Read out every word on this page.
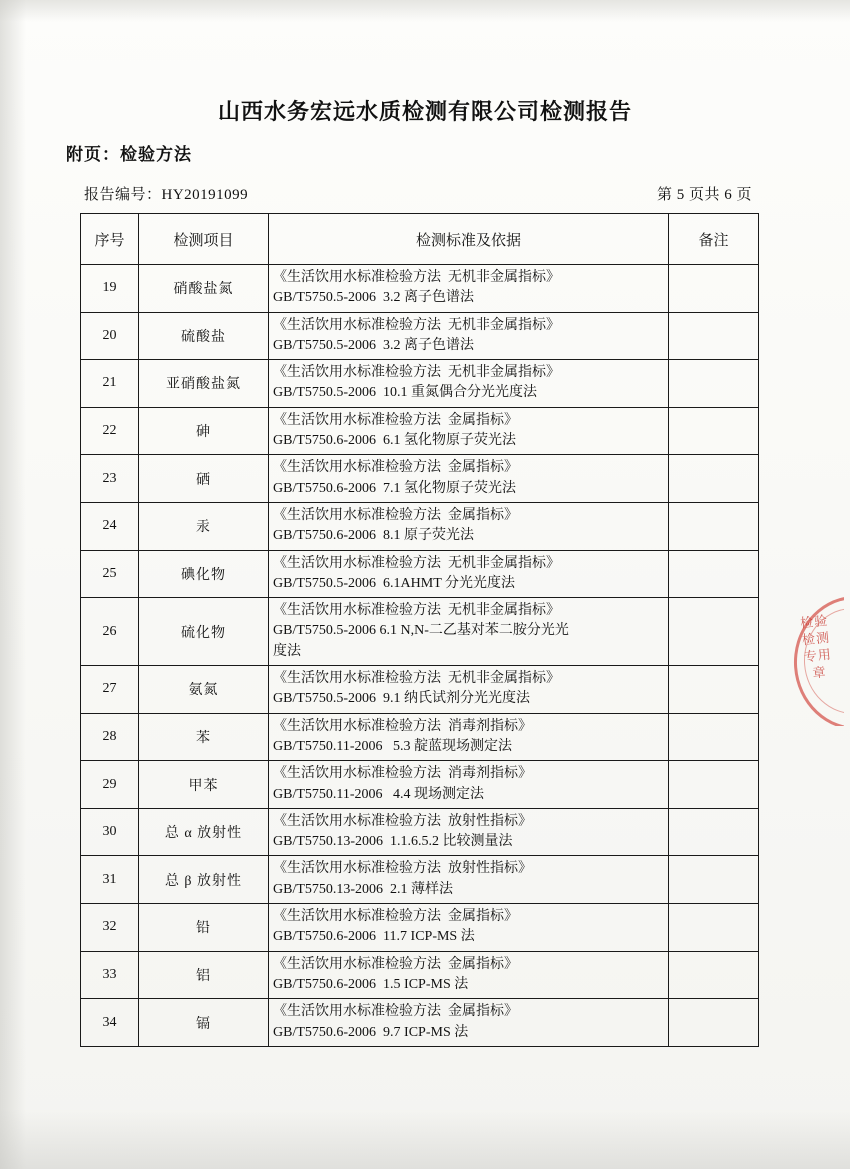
山西水务宏远水质检测有限公司检测报告
附页：检验方法
报告编号：HY20191099	第 5 页共 6 页
序号	检测项目	检测标准及依据	备注
19	硝酸盐氮	《生活饮用水标准检验方法  无机非金属指标》
GB/T5750.5-2006  3.2 离子色谱法	

20	硫酸盐	《生活饮用水标准检验方法  无机非金属指标》
GB/T5750.5-2006  3.2 离子色谱法	

21	亚硝酸盐氮	《生活饮用水标准检验方法  无机非金属指标》
GB/T5750.5-2006  10.1 重氮偶合分光光度法	

22	砷	《生活饮用水标准检验方法  金属指标》
GB/T5750.6-2006  6.1 氢化物原子荧光法	

23	硒	《生活饮用水标准检验方法  金属指标》
GB/T5750.6-2006  7.1 氢化物原子荧光法	

24	汞	《生活饮用水标准检验方法  金属指标》
GB/T5750.6-2006  8.1 原子荧光法	

25	碘化物	《生活饮用水标准检验方法  无机非金属指标》
GB/T5750.5-2006  6.1AHMT 分光光度法	

26	硫化物	《生活饮用水标准检验方法  无机非金属指标》
GB/T5750.5-2006 6.1 N,N-二乙基对苯二胺分光光
度法	

27	氨氮	《生活饮用水标准检验方法  无机非金属指标》
GB/T5750.5-2006  9.1 纳氏试剂分光光度法	

28	苯	《生活饮用水标准检验方法  消毒剂指标》
GB/T5750.11-2006   5.3 靛蓝现场测定法	

29	甲苯	《生活饮用水标准检验方法  消毒剂指标》
GB/T5750.11-2006   4.4 现场测定法	

30	总 α 放射性	《生活饮用水标准检验方法  放射性指标》
GB/T5750.13-2006  1.1.6.5.2 比较测量法	

31	总 β 放射性	《生活饮用水标准检验方法  放射性指标》
GB/T5750.13-2006  2.1 薄样法	

32	铅	《生活饮用水标准检验方法  金属指标》
GB/T5750.6-2006  11.7 ICP-MS 法	

33	铝	《生活饮用水标准检验方法  金属指标》
GB/T5750.6-2006  1.5 ICP-MS 法	

34	镉	《生活饮用水标准检验方法  金属指标》
GB/T5750.6-2006  9.7 ICP-MS 法	

检验检测专用章
